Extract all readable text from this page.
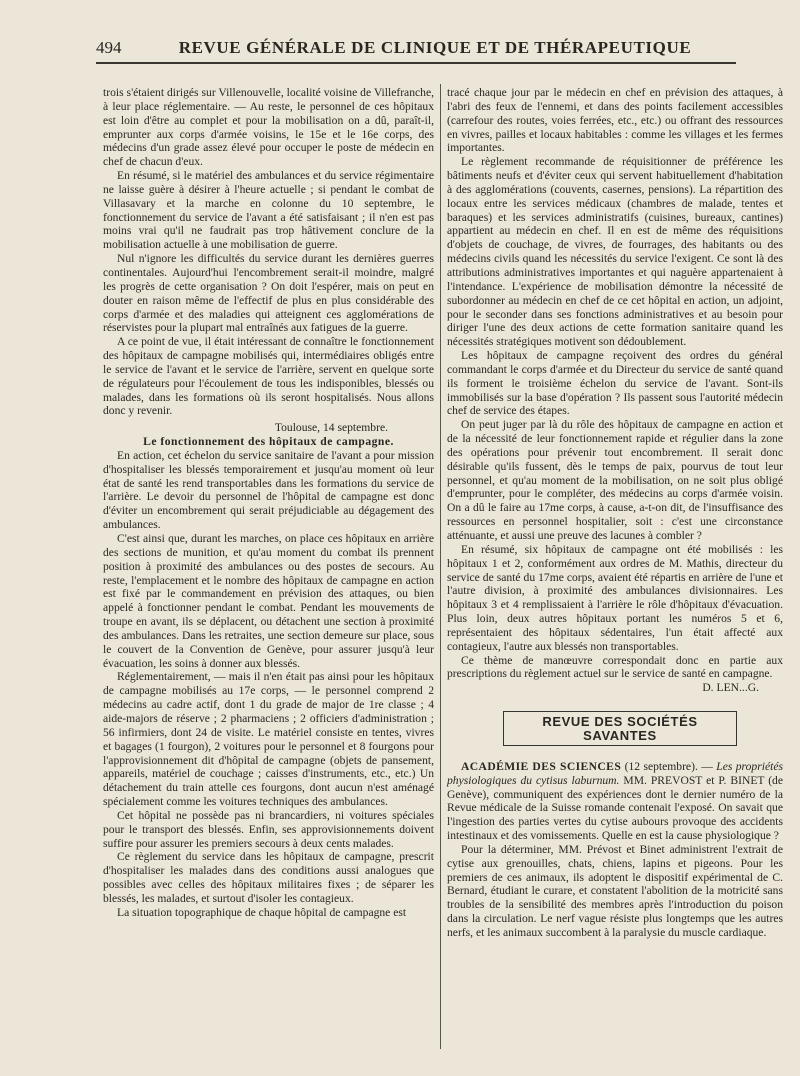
494	REVUE GÉNÉRALE DE CLINIQUE ET DE THÉRAPEUTIQUE

trois s'étaient dirigés sur Villenouvelle, localité voisine de Villefranche, à leur place réglementaire. — Au reste, le personnel de ces hôpitaux est loin d'être au complet et pour la mobilisation on a dû, paraît-il, emprunter aux corps d'armée voisins, le 15e et le 16e corps, des médecins d'un grade assez élevé pour occuper le poste de médecin en chef de chacun d'eux.

En résumé, si le matériel des ambulances et du service régimentaire ne laisse guère à désirer à l'heure actuelle ; si pendant le combat de Villasavary et la marche en colonne du 10 septembre, le fonctionnement du service de l'avant a été satisfaisant ; il n'en est pas moins vrai qu'il ne faudrait pas trop hâtivement conclure de la mobilisation actuelle à une mobilisation de guerre.

Nul n'ignore les difficultés du service durant les dernières guerres continentales. Aujourd'hui l'encombrement serait-il moindre, malgré les progrès de cette organisation ? On doit l'espérer, mais on peut en douter en raison même de l'effectif de plus en plus considérable des corps d'armée et des maladies qui atteignent ces agglomérations de réservistes pour la plupart mal entraînés aux fatigues de la guerre.

A ce point de vue, il était intéressant de connaître le fonctionnement des hôpitaux de campagne mobilisés qui, intermédiaires obligés entre le service de l'avant et le service de l'arrière, servent en quelque sorte de régulateurs pour l'écoulement de tous les indisponibles, blessés ou malades, dans les formations où ils seront hospitalisés. Nous allons donc y revenir.

Toulouse, 14 septembre.

Le fonctionnement des hôpitaux de campagne.

En action, cet échelon du service sanitaire de l'avant a pour mission d'hospitaliser les blessés temporairement et jusqu'au moment où leur état de santé les rend transportables dans les formations du service de l'arrière. Le devoir du personnel de l'hôpital de campagne est donc d'éviter un encombrement qui serait préjudiciable au dégagement des ambulances.

C'est ainsi que, durant les marches, on place ces hôpitaux en arrière des sections de munition, et qu'au moment du combat ils prennent position à proximité des ambulances ou des postes de secours. Au reste, l'emplacement et le nombre des hôpitaux de campagne en action est fixé par le commandement en prévision des attaques, ou bien appelé à fonctionner pendant le combat. Pendant les mouvements de troupe en avant, ils se déplacent, ou détachent une section à proximité des ambulances. Dans les retraites, une section demeure sur place, sous le couvert de la Convention de Genève, pour assurer jusqu'à leur évacuation, les soins à donner aux blessés.

Réglementairement, — mais il n'en était pas ainsi pour les hôpitaux de campagne mobilisés au 17e corps, — le personnel comprend 2 médecins au cadre actif, dont 1 du grade de major de 1re classe ; 4 aide-majors de réserve ; 2 pharmaciens ; 2 officiers d'administration ; 56 infirmiers, dont 24 de visite. Le matériel consiste en tentes, vivres et bagages (1 fourgon), 2 voitures pour le personnel et 8 fourgons pour l'approvisionnement dit d'hôpital de campagne (objets de pansement, appareils, matériel de couchage ; caisses d'instruments, etc., etc.) Un détachement du train attelle ces fourgons, dont aucun n'est aménagé spécialement comme les voitures techniques des ambulances.

Cet hôpital ne possède pas ni brancardiers, ni voitures spéciales pour le transport des blessés. Enfin, ses approvisionnements doivent suffire pour assurer les premiers secours à deux cents malades.

Ce règlement du service dans les hôpitaux de campagne, prescrit d'hospitaliser les malades dans des conditions aussi analogues que possibles avec celles des hôpitaux militaires fixes ; de séparer les blessés, les malades, et surtout d'isoler les contagieux.

La situation topographique de chaque hôpital de campagne est

tracé chaque jour par le médecin en chef en prévision des attaques, à l'abri des feux de l'ennemi, et dans des points facilement accessibles (carrefour des routes, voies ferrées, etc., etc.) ou offrant des ressources en vivres, pailles et locaux habitables : comme les villages et les fermes importantes.

Le règlement recommande de réquisitionner de préférence les bâtiments neufs et d'éviter ceux qui servent habituellement d'habitation à des agglomérations (couvents, casernes, pensions). La répartition des locaux entre les services médicaux (chambres de malade, tentes et baraques) et les services administratifs (cuisines, bureaux, cantines) appartient au médecin en chef. Il en est de même des réquisitions d'objets de couchage, de vivres, de fourrages, des habitants ou des médecins civils quand les nécessités du service l'exigent. Ce sont là des attributions administratives importantes et qui naguère appartenaient à l'intendance. L'expérience de mobilisation démontre la nécessité de subordonner au médecin en chef de ce cet hôpital en action, un adjoint, pour le seconder dans ses fonctions administratives et au besoin pour diriger l'une des deux actions de cette formation sanitaire quand les nécessités stratégiques motivent son dédoublement.

Les hôpitaux de campagne reçoivent des ordres du général commandant le corps d'armée et du Directeur du service de santé quand ils forment le troisième échelon du service de l'avant. Sont-ils immobilisés sur la base d'opération ? Ils passent sous l'autorité médecin chef de service des étapes.

On peut juger par là du rôle des hôpitaux de campagne en action et de la nécessité de leur fonctionnement rapide et régulier dans la zone des opérations pour prévenir tout encombrement. Il serait donc désirable qu'ils fussent, dès le temps de paix, pourvus de tout leur personnel, et qu'au moment de la mobilisation, on ne soit plus obligé d'emprunter, pour le compléter, des médecins au corps d'armée voisin. On a dû le faire au 17me corps, à cause, a-t-on dit, de l'insuffisance des ressources en personnel hospitalier, soit : c'est une circonstance atténuante, et aussi une preuve des lacunes à combler ?

En résumé, six hôpitaux de campagne ont été mobilisés : les hôpitaux 1 et 2, conformément aux ordres de M. Mathis, directeur du service de santé du 17me corps, avaient été répartis en arrière de l'une et l'autre division, à proximité des ambulances divisionnaires. Les hôpitaux 3 et 4 remplissaient à l'arrière le rôle d'hôpitaux d'évacuation. Plus loin, deux autres hôpitaux portant les numéros 5 et 6, représentaient des hôpitaux sédentaires, l'un était affecté aux contagieux, l'autre aux blessés non transportables.

Ce thème de manœuvre correspondait donc en partie aux prescriptions du règlement actuel sur le service de santé en campagne.

D. LEN...G.

REVUE DES SOCIÉTÉS SAVANTES

ACADÉMIE DES SCIENCES (12 septembre). — Les propriétés physiologiques du cytisus laburnum. MM. PREVOST et P. BINET (de Genève), communiquent des expériences dont le dernier numéro de la Revue médicale de la Suisse romande contenait l'exposé. On savait que l'ingestion des parties vertes du cytise aubours provoque des accidents intestinaux et des vomissements. Quelle en est la cause physiologique ?

Pour la déterminer, MM. Prévost et Binet administrent l'extrait de cytise aux grenouilles, chats, chiens, lapins et pigeons. Pour les premiers de ces animaux, ils adoptent le dispositif expérimental de C. Bernard, étudiant le curare, et constatent l'abolition de la motricité sans troubles de la sensibilité des membres après l'introduction du poison dans la circulation. Le nerf vague résiste plus longtemps que les autres nerfs, et les animaux succombent à la paralysie du muscle cardiaque.
